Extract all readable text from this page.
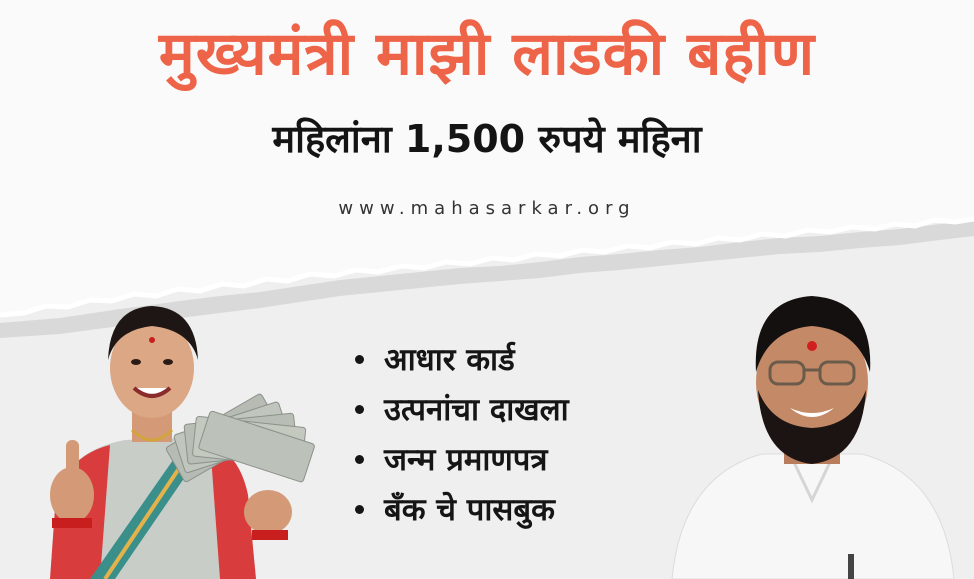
मुख्यमंत्री माझी लाडकी बहीण
महिलांना 1,500 रुपये महिना
www.mahasarkar.org
आधार कार्ड
उत्पनांचा दाखला
जन्म प्रमाणपत्र
बँक चे पासबुक
